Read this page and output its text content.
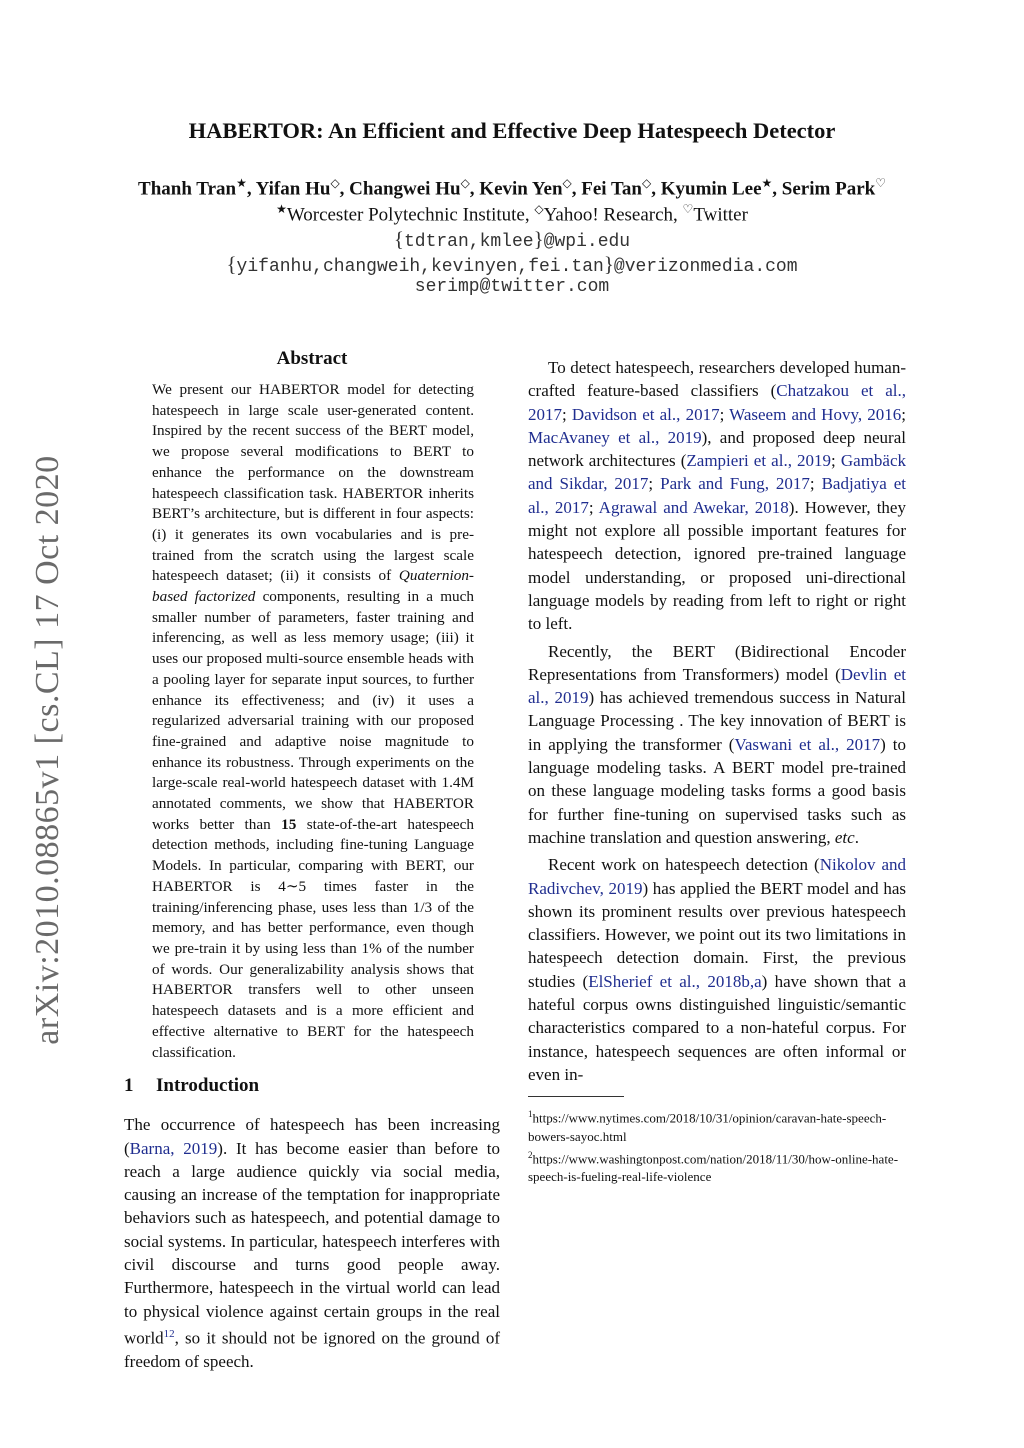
arXiv:2010.08865v1 [cs.CL] 17 Oct 2020
HABERTOR: An Efficient and Effective Deep Hatespeech Detector
Thanh Tran★, Yifan Hu◇, Changwei Hu◇, Kevin Yen◇, Fei Tan◇, Kyumin Lee★, Serim Park♡
★Worcester Polytechnic Institute, ◇Yahoo! Research, ♡Twitter
{tdtran,kmlee}@wpi.edu
{yifanhu,changweih,kevinyen,fei.tan}@verizonmedia.com
serimp@twitter.com
Abstract

We present our HABERTOR model for detecting hatespeech in large scale user-generated content. Inspired by the recent success of the BERT model, we propose several modifications to BERT to enhance the performance on the downstream hatespeech classification task. HABERTOR inherits BERT’s architecture, but is different in four aspects: (i) it generates its own vocabularies and is pre-trained from the scratch using the largest scale hatespeech dataset; (ii) it consists of Quaternion-based factorized components, resulting in a much smaller number of parameters, faster training and inferencing, as well as less memory usage; (iii) it uses our proposed multi-source ensemble heads with a pooling layer for separate input sources, to further enhance its effectiveness; and (iv) it uses a regularized adversarial training with our proposed fine-grained and adaptive noise magnitude to enhance its robustness. Through experiments on the large-scale real-world hatespeech dataset with 1.4M annotated comments, we show that HABERTOR works better than 15 state-of-the-art hatespeech detection methods, including fine-tuning Language Models. In particular, comparing with BERT, our HABERTOR is 4∼5 times faster in the training/inferencing phase, uses less than 1/3 of the memory, and has better performance, even though we pre-train it by using less than 1% of the number of words. Our generalizability analysis shows that HABERTOR transfers well to other unseen hatespeech datasets and is a more efficient and effective alternative to BERT for the hatespeech classification.

1 Introduction

The occurrence of hatespeech has been increasing (Barna, 2019). It has become easier than before to reach a large audience quickly via social media, causing an increase of the temptation for inappropriate behaviors such as hatespeech, and potential damage to social systems. In particular, hatespeech interferes with civil discourse and turns good people away. Furthermore, hatespeech in the virtual world can lead to physical violence against certain groups in the real world$^{12}$, so it should not be ignored on the ground of freedom of speech.

To detect hatespeech, researchers developed human-crafted feature-based classifiers (Chatzakou et al., 2017; Davidson et al., 2017; Waseem and Hovy, 2016; MacAvaney et al., 2019), and proposed deep neural network architectures (Zampieri et al., 2019; Gambäck and Sikdar, 2017; Park and Fung, 2017; Badjatiya et al., 2017; Agrawal and Awekar, 2018). However, they might not explore all possible important features for hatespeech detection, ignored pre-trained language model understanding, or proposed uni-directional language models by reading from left to right or right to left.

Recently, the BERT (Bidirectional Encoder Representations from Transformers) model (Devlin et al., 2019) has achieved tremendous success in Natural Language Processing . The key innovation of BERT is in applying the transformer (Vaswani et al., 2017) to language modeling tasks. A BERT model pre-trained on these language modeling tasks forms a good basis for further fine-tuning on supervised tasks such as machine translation and question answering, etc.

Recent work on hatespeech detection (Nikolov and Radivchev, 2019) has applied the BERT model and has shown its prominent results over previous hatespeech classifiers. However, we point out its two limitations in hatespeech detection domain. First, the previous studies (ElSherief et al., 2018b,a) have shown that a hateful corpus owns distinguished linguistic/semantic characteristics compared to a non-hateful corpus. For instance, hatespeech sequences are often informal or even in-

$^1$https://www.nytimes.com/2018/10/31/opinion/caravan-hate-speech-bowers-sayoc.html

$^2$https://www.washingtonpost.com/nation/2018/11/30/how-online-hate-speech-is-fueling-real-life-violence
